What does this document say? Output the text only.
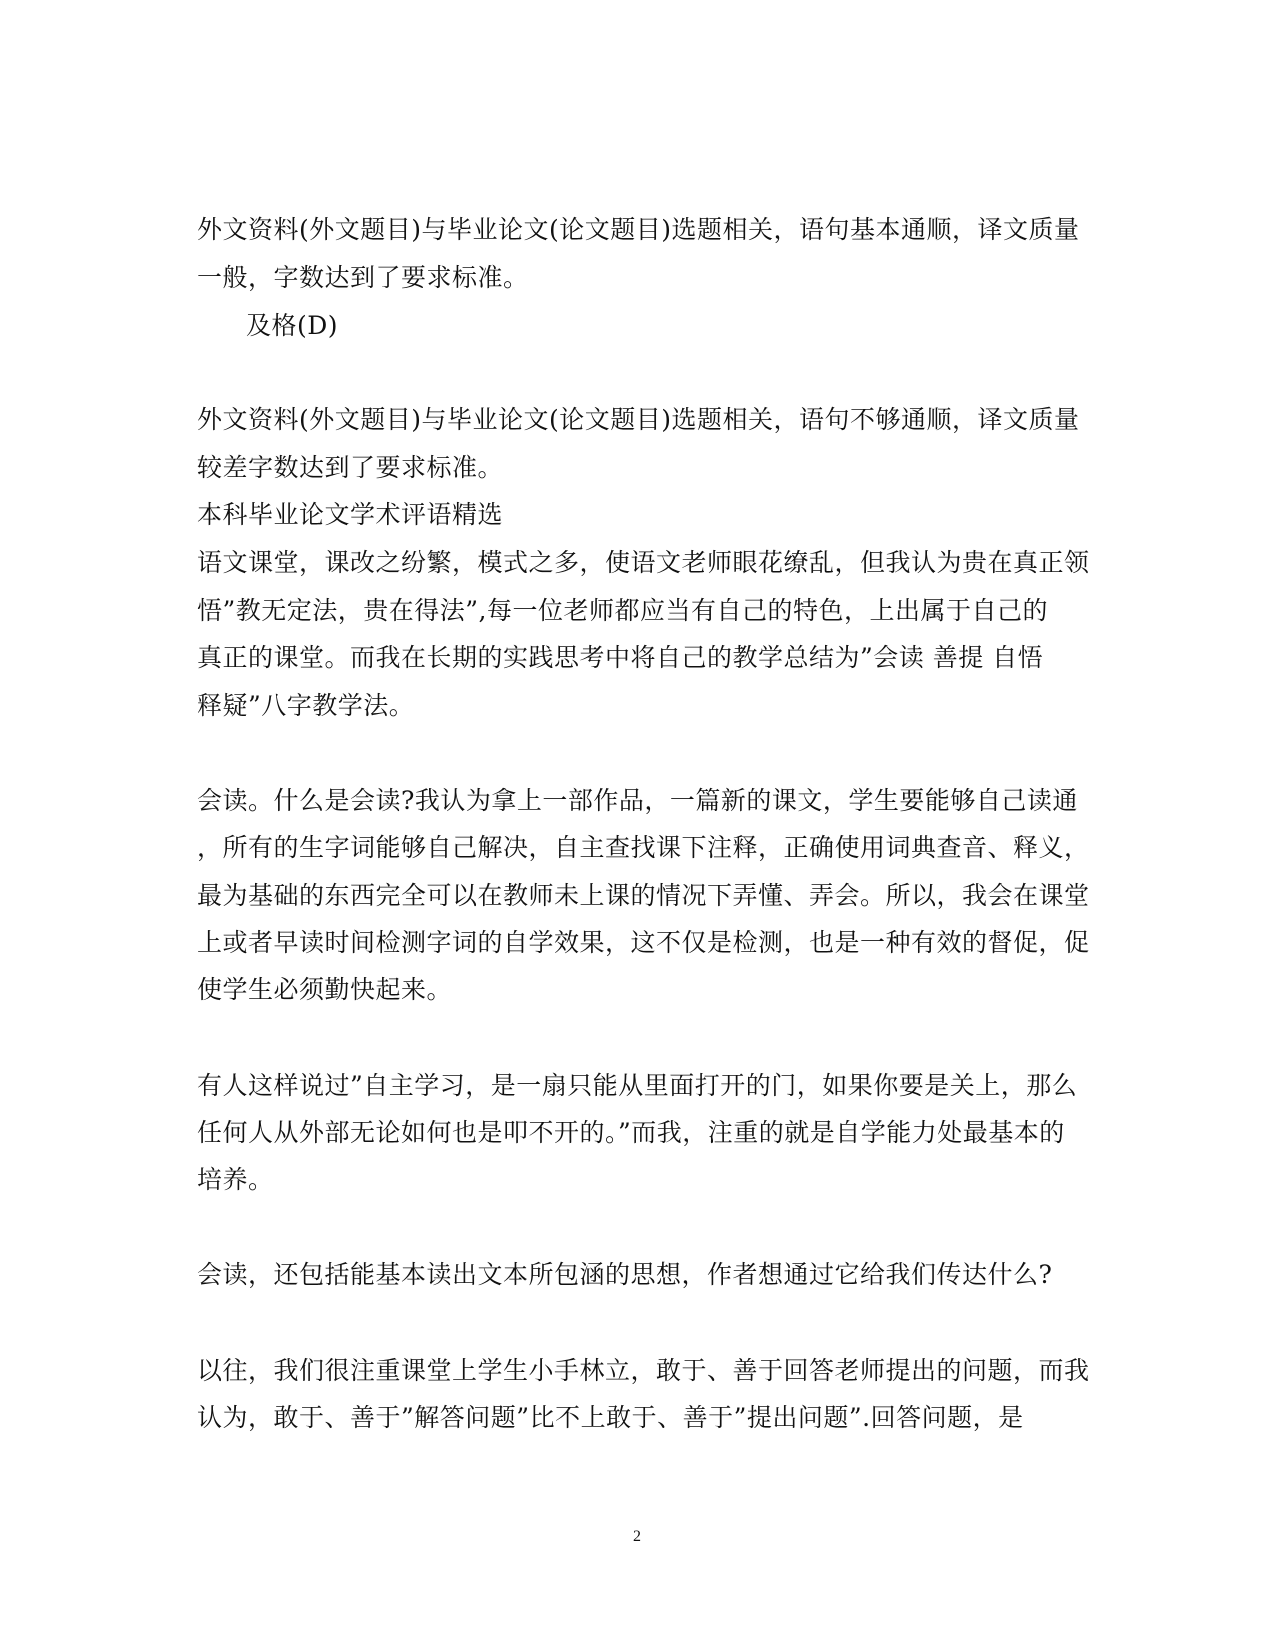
外文资料(外文题目)与毕业论文(论文题目)选题相关，语句基本通顺，译文质量
一般，字数达到了要求标准。
及格(D)
外文资料(外文题目)与毕业论文(论文题目)选题相关，语句不够通顺，译文质量
较差字数达到了要求标准。
本科毕业论文学术评语精选
语文课堂，课改之纷繁，模式之多，使语文老师眼花缭乱，但我认为贵在真正领
悟”教无定法，贵在得法”,每一位老师都应当有自己的特色，上出属于自己的
真正的课堂。而我在长期的实践思考中将自己的教学总结为”会读 善提 自悟
释疑”八字教学法。
会读。什么是会读?我认为拿上一部作品，一篇新的课文，学生要能够自己读通
，所有的生字词能够自己解决，自主查找课下注释，正确使用词典查音、释义，
最为基础的东西完全可以在教师未上课的情况下弄懂、弄会。所以，我会在课堂
上或者早读时间检测字词的自学效果，这不仅是检测，也是一种有效的督促，促
使学生必须勤快起来。
有人这样说过”自主学习，是一扇只能从里面打开的门，如果你要是关上，那么
任何人从外部无论如何也是叩不开的。”而我，注重的就是自学能力处最基本的
培养。
会读，还包括能基本读出文本所包涵的思想，作者想通过它给我们传达什么?
以往，我们很注重课堂上学生小手林立，敢于、善于回答老师提出的问题，而我
认为，敢于、善于”解答问题”比不上敢于、善于”提出问题”.回答问题，是
2
